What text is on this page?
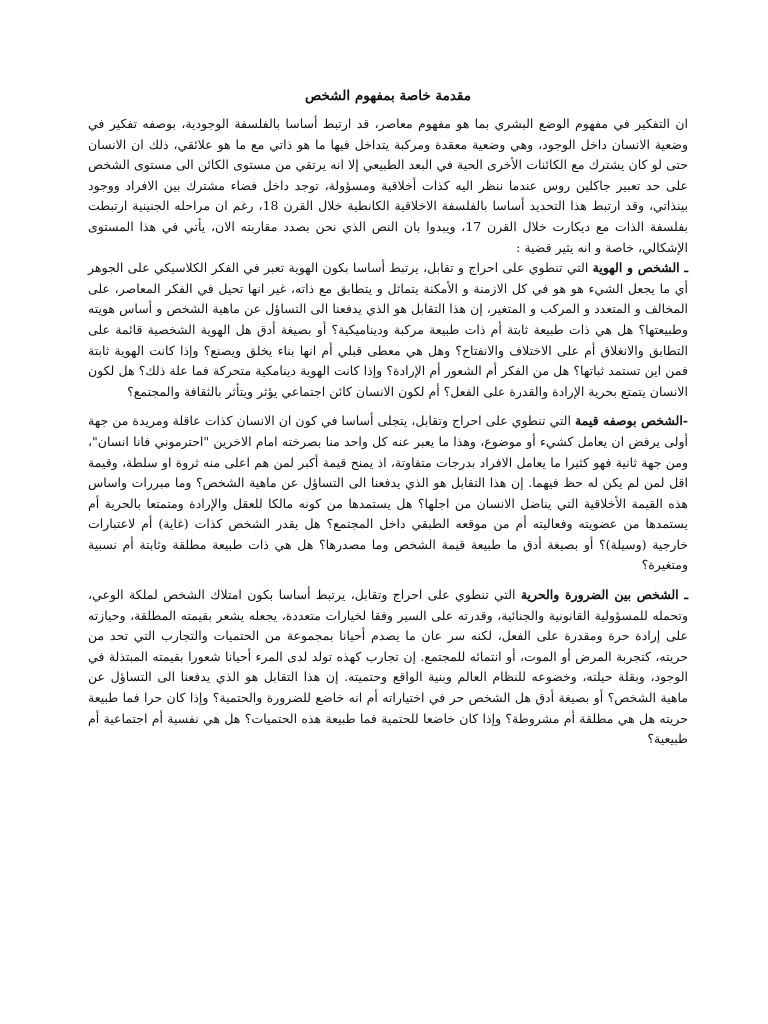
مقدمة خاصة بمفهوم الشخص

ان التفكير في مفهوم الوضع البشري بما هو مفهوم معاصر، قد ارتبط أساسا بالفلسفة الوجودية، بوصفه تفكير في وضعية الانسان داخل الوجود، وهي وضعية معقدة ومركبة يتداخل فيها ما هو ذاتي مع ما هو علائقي، ذلك ان الانسان حتى لو كان يشترك مع الكائنات الأخرى الحية في البعد الطبيعي إلا انه يرتقي من مستوى الكائن الى مستوى الشخص على حد تعبير جاكلين روس عندما ننظر اليه كذات أخلاقية ومسؤولة، توجد داخل فضاء مشترك بين الافراد ووجود بينذاتي، وقد ارتبط هذا التحديد أساسا بالفلسفة الاخلاقية الكانطية خلال القرن 18، رغم ان مراحله الجنينية ارتبطت بفلسفة الذات مع ديكارت خلال القرن 17، ويبدوا بان النص الذي نحن بصدد مقاربته الان، يأتي في هذا المستوى الإشكالي، خاصة و انه يثير قضية :

ـ الشخص و الهوية التي تنطوي على احراج و تقابل، يرتبط أساسا بكون الهوية تعبر في الفكر الكلاسيكي على الجوهر أي ما يجعل الشيء هو هو في كل الازمنة و الأمكنة يتماثل و يتطابق مع ذاته، غير انها تحيل في الفكر المعاصر، على المخالف و المتعدد و المركب و المتغير، إن هذا التقابل هو الذي يدفعنا الى التساؤل عن ماهية الشخص و أساس هويته وطبيعتها؟ هل هي ذات طبيعة ثابتة أم ذات طبيعة مركبة وديناميكية؟ أو بصيغة أدق هل الهوية الشخصية قائمة على التطابق والانغلاق أم على الاختلاف والانفتاح؟ وهل هي معطى قبلي أم انها بناء يخلق ويصنع؟ وإذا كانت الهوية ثابتة فمن اين تستمد ثباتها؟ هل من الفكر أم الشعور أم الإرادة؟ وإذا كانت الهوية دينامكية متحركة فما علة ذلك؟ هل لكون الانسان يتمتع بحرية الإرادة والقدرة على الفعل؟ أم لكون الانسان كائن اجتماعي يؤثر ويتأثر بالثقافة والمجتمع؟

-الشخص بوصفه قيمة التي تنطوي على احراج وتقابل، يتجلى أساسا في كون ان الانسان كذات عاقلة ومريدة من جهة أولى يرفض ان يعامل كشيء أو موضوع، وهذا ما يعبر عنه كل واحد منا بصرخته امام الاخرين "احترموني فانا انسان"، ومن جهة ثانية فهو كثيرا ما يعامل الافراد بدرجات متفاوتة، اذ يمنح قيمة أكبر لمن هم اعلى منه ثروة او سلطة، وقيمة اقل لمن لم يكن له حظ فيهما. إن هذا التقابل هو الذي يدفعنا الى التساؤل عن ماهية الشخص؟ وما مبررات واساس هذه القيمة الأخلاقية التي يناضل الانسان من اجلها؟ هل يستمدها من كونه مالكا للعقل والإرادة ومتمتعا بالحرية أم يستمدها من عضويته وفعاليته أم من موقعه الطبقي داخل المجتمع؟ هل يقدر الشخص كذات (غاية) أم لاعتبارات خارجية (وسيلة)؟ أو بصيغة أدق ما طبيعة قيمة الشخص وما مصدرها؟ هل هي ذات طبيعة مطلقة وثابتة أم نسبية ومتغيرة؟

ـ الشخص بين الضرورة والحرية التي تنطوي على احراج وتقابل، يرتبط أساسا بكون امتلاك الشخص لملكة الوعي، وتحمله للمسؤولية القانونية والجنائية، وقدرته على السير وفقا لخيارات متعددة، يجعله يشعر بقيمته المطلقة، وحيازته على إرادة حرة ومقدرة على الفعل، لكنه سر عان ما يصدم أحيانا بمجموعة من الحتميات والتجارب التي تحد من حريته، كتجربة المرض أو الموت، أو انتمائه للمجتمع. إن تجارب كهذه تولد لدى المرء أحيانا شعورا بقيمته المبتذلة في الوجود، وبقلة حيلته، وخضوعه للنظام العالم وبنية الواقع وحتميته. إن هذا التقابل هو الذي يدفعنا الى التساؤل عن ماهية الشخص؟ أو بصيغة أدق هل الشخص حر في اختياراته أم انه خاضع للضرورة والحتمية؟ وإذا كان حرا فما طبيعة حريته هل هي مطلقة أم مشروطة؟ وإذا كان خاضعا للحتمية فما طبيعة هذه الحتميات؟ هل هي نفسية أم اجتماعية أم طبيعية؟
